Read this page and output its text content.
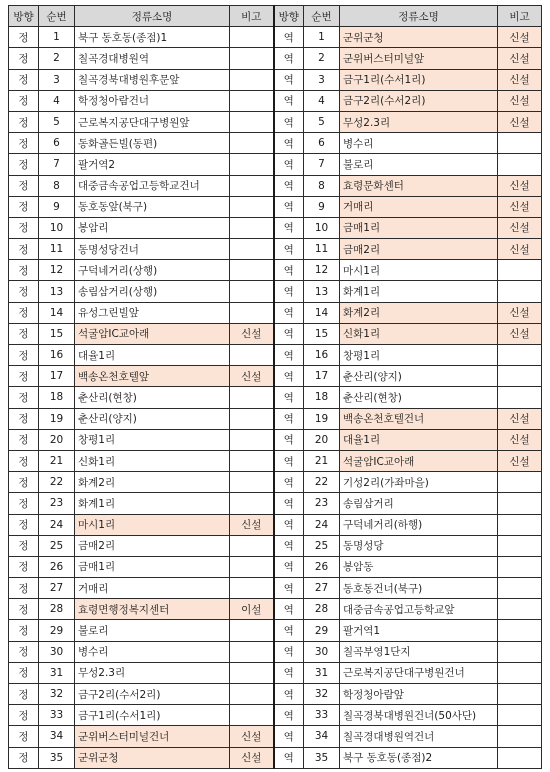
방향	순번	정류소명	비고	방향	순번	정류소명	비고
정	1	북구 동호동(종점)1		역	1	군위군청	신설
정	2	칠곡경대병원역		역	2	군위버스터미널앞	신설
정	3	칠곡경북대병원후문앞		역	3	금구1리(수서1리)	신설
정	4	학정청아람건너		역	4	금구2리(수서2리)	신설
정	5	근로복지공단대구병원앞		역	5	무성2.3리	신설
정	6	동화골든빌(동편)		역	6	병수리	
정	7	팔거역2		역	7	불로리	
정	8	대중금속공업고등학교건너		역	8	효령문화센터	신설
정	9	동호동앞(북구)		역	9	거매리	신설
정	10	봉암리		역	10	금매1리	신설
정	11	동명성당건너		역	11	금매2리	신설
정	12	구덕네거리(상행)		역	12	마시1리	
정	13	송림삼거리(상행)		역	13	화계1리	
정	14	유성그린빌앞		역	14	화계2리	신설
정	15	석굴암IC교아래	신설	역	15	신화1리	신설
정	16	대율1리		역	16	창평1리	
정	17	백송온천호텔앞	신설	역	17	춘산리(양지)	
정	18	춘산리(현창)		역	18	춘산리(현창)	
정	19	춘산리(양지)		역	19	백송온천호텔건너	신설
정	20	창평1리		역	20	대율1리	신설
정	21	신화1리		역	21	석굴암IC교아래	신설
정	22	화계2리		역	22	기성2리(가좌마을)	
정	23	화계1리		역	23	송림삼거리	
정	24	마시1리	신설	역	24	구덕네거리(하행)	
정	25	금매2리		역	25	동명성당	
정	26	금매1리		역	26	봉암동	
정	27	거매리		역	27	동호동건너(북구)	
정	28	효령면행정복지센터	이설	역	28	대중금속공업고등학교앞	
정	29	불로리		역	29	팔거역1	
정	30	병수리		역	30	칠곡부영1단지	
정	31	무성2.3리		역	31	근로복지공단대구병원건너	
정	32	금구2리(수서2리)		역	32	학정청아람앞	
정	33	금구1리(수서1리)		역	33	칠곡경북대병원건너(50사단)	
정	34	군위버스터미널건너	신설	역	34	칠곡경대병원역건너	
정	35	군위군청	신설	역	35	북구 동호동(종점)2	
